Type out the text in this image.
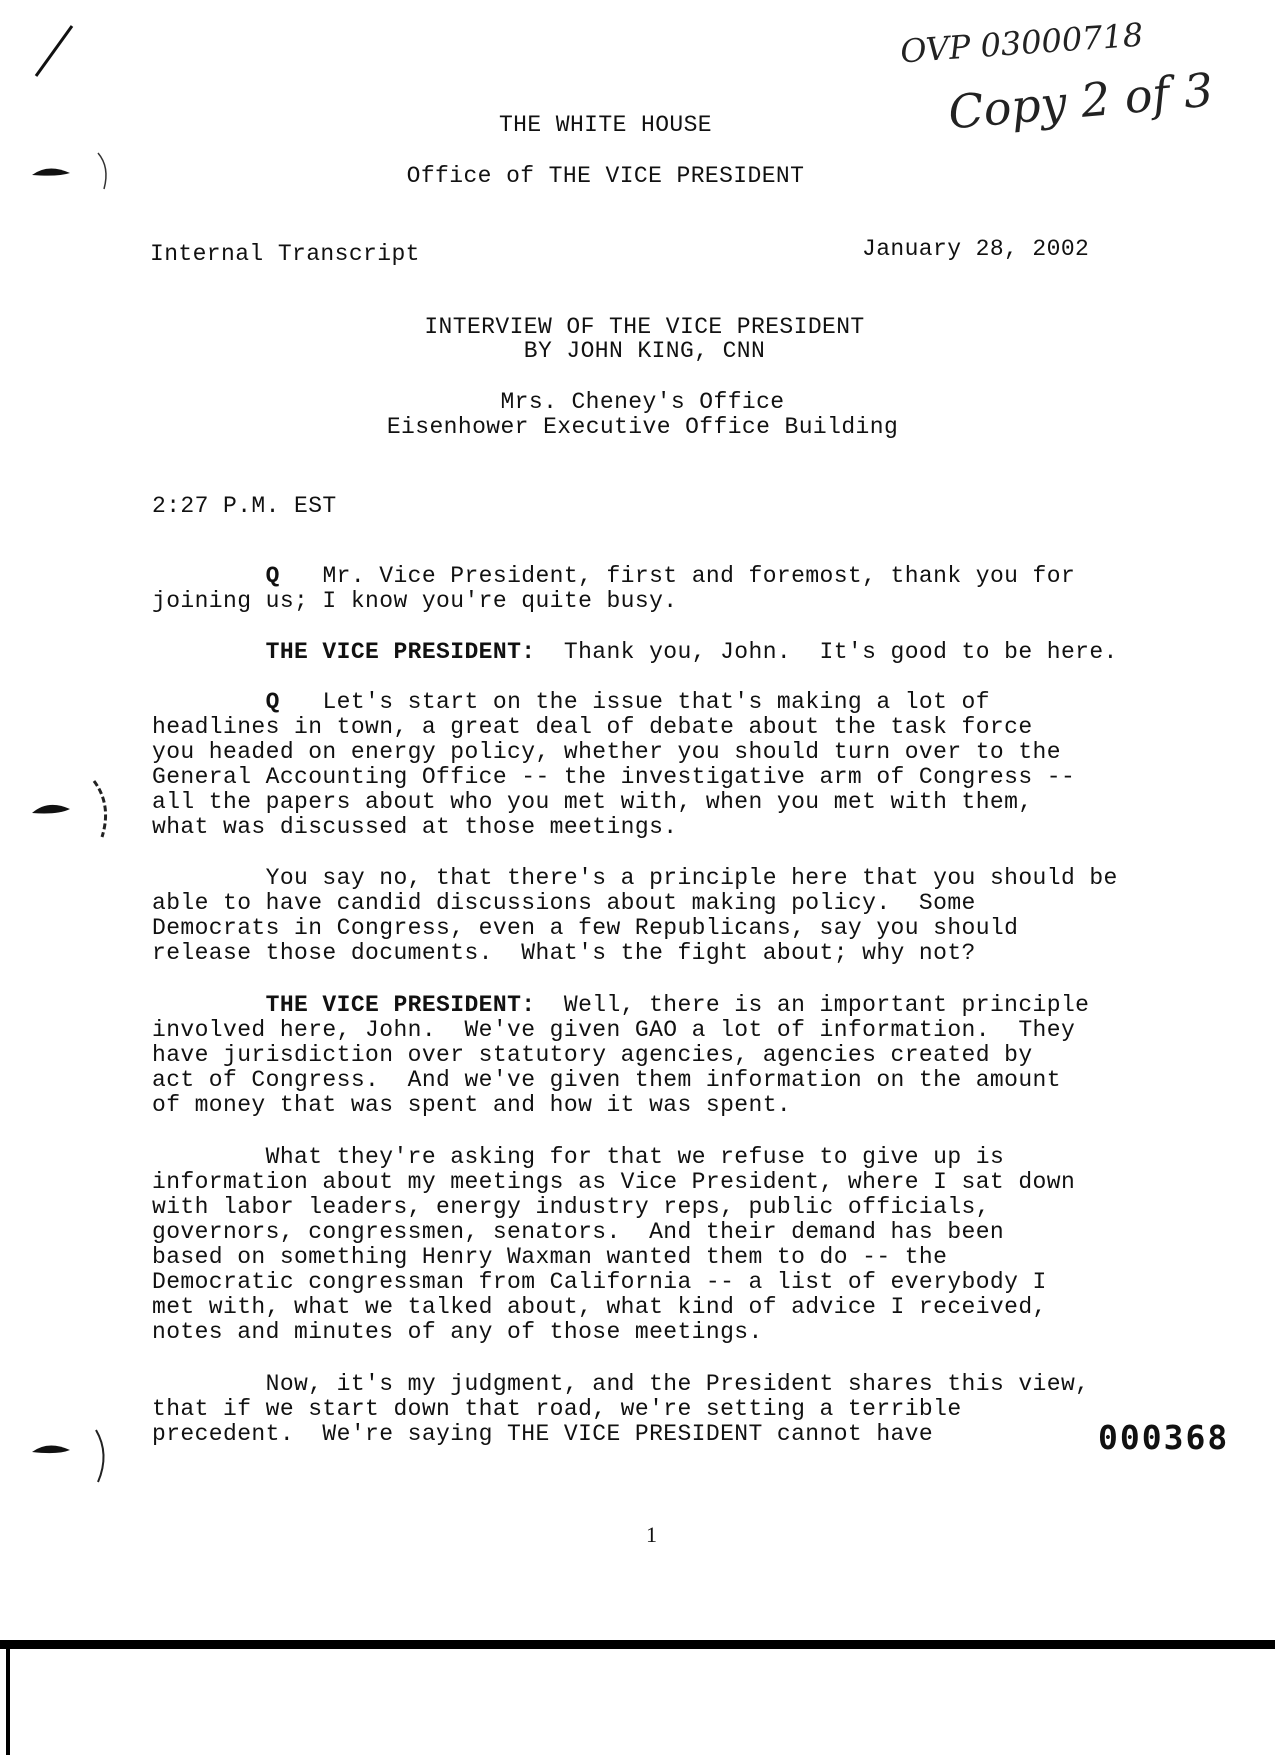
OVP 03000718
Copy 2 of 3
THE WHITE HOUSE
Office of THE VICE PRESIDENT
Internal Transcript	January 28, 2002
INTERVIEW OF THE VICE PRESIDENT
BY JOHN KING, CNN
Mrs. Cheney's Office
Eisenhower Executive Office Building
2:27 P.M. EST
Q Mr. Vice President, first and foremost, thank you for
joining us; I know you're quite busy.
THE VICE PRESIDENT: Thank you, John.  It's good to be here.
Q Let's start on the issue that's making a lot of
headlines in town, a great deal of debate about the task force
you headed on energy policy, whether you should turn over to the
General Accounting Office -- the investigative arm of Congress --
all the papers about who you met with, when you met with them,
what was discussed at those meetings.
You say no, that there's a principle here that you should be
able to have candid discussions about making policy.  Some
Democrats in Congress, even a few Republicans, say you should
release those documents.  What's the fight about; why not?
THE VICE PRESIDENT: Well, there is an important principle
involved here, John.  We've given GAO a lot of information.  They
have jurisdiction over statutory agencies, agencies created by
act of Congress.  And we've given them information on the amount
of money that was spent and how it was spent.
What they're asking for that we refuse to give up is
information about my meetings as Vice President, where I sat down
with labor leaders, energy industry reps, public officials,
governors, congressmen, senators.  And their demand has been
based on something Henry Waxman wanted them to do -- the
Democratic congressman from California -- a list of everybody I
met with, what we talked about, what kind of advice I received,
notes and minutes of any of those meetings.
Now, it's my judgment, and the President shares this view,
that if we start down that road, we're setting a terrible
precedent.  We're saying THE VICE PRESIDENT cannot have	000368
1
